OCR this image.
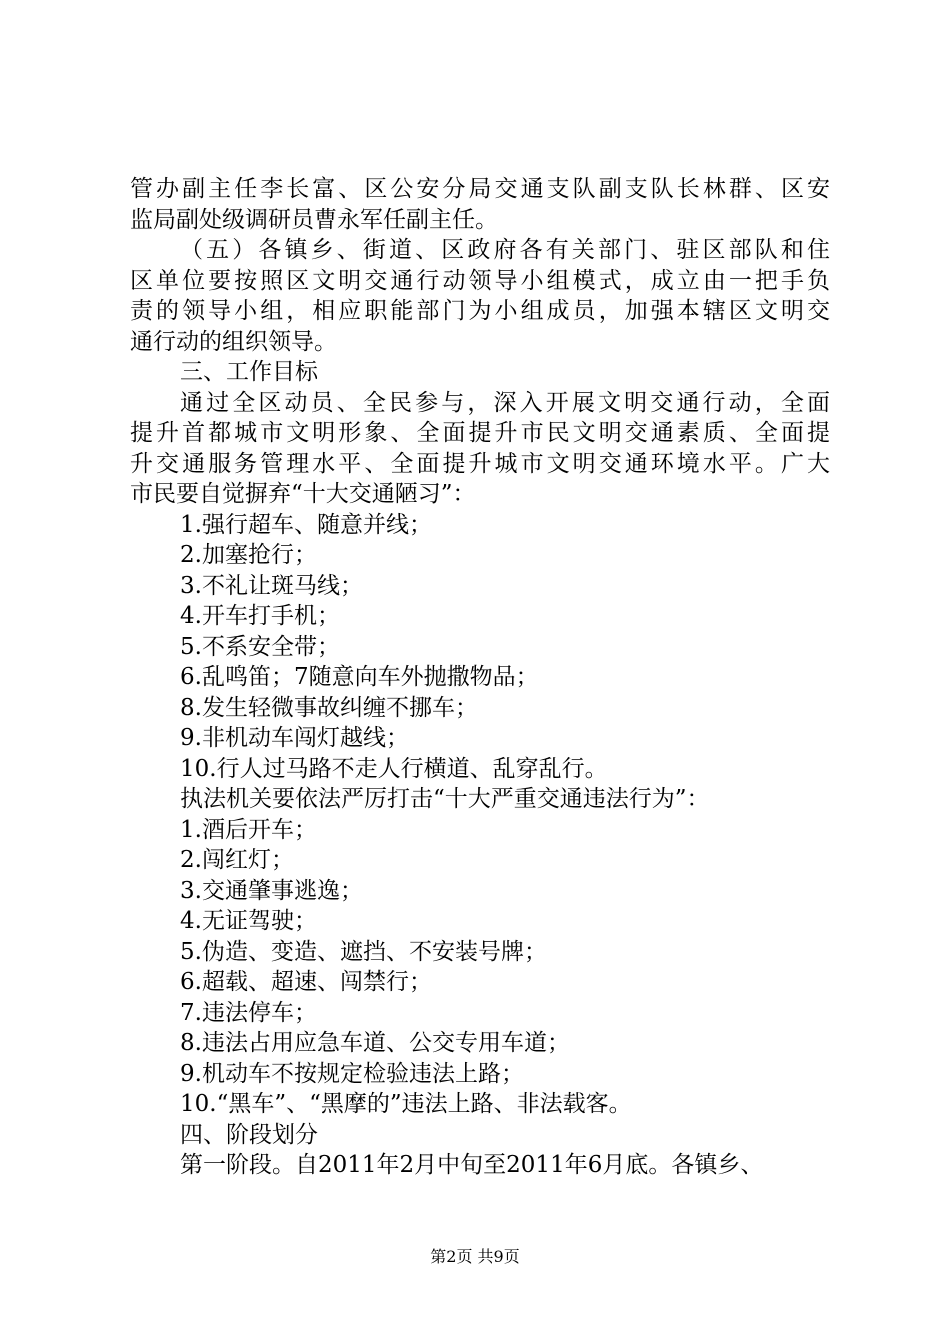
管办副主任李长富、区公安分局交通支队副支队长林群、区安
监局副处级调研员曹永军任副主任。
（五）各镇乡、街道、区政府各有关部门、驻区部队和住
区单位要按照区文明交通行动领导小组模式，成立由一把手负
责的领导小组，相应职能部门为小组成员，加强本辖区文明交
通行动的组织领导。
三、工作目标
通过全区动员、全民参与，深入开展文明交通行动，全面
提升首都城市文明形象、全面提升市民文明交通素质、全面提
升交通服务管理水平、全面提升城市文明交通环境水平。广大
市民要自觉摒弃“十大交通陋习”：
1.强行超车、随意并线；
2.加塞抢行；
3.不礼让斑马线；
4.开车打手机；
5.不系安全带；
6.乱鸣笛；7随意向车外抛撒物品；
8.发生轻微事故纠缠不挪车；
9.非机动车闯灯越线；
10.行人过马路不走人行横道、乱穿乱行。
执法机关要依法严厉打击“十大严重交通违法行为”：
1.酒后开车；
2.闯红灯；
3.交通肇事逃逸；
4.无证驾驶；
5.伪造、变造、遮挡、不安装号牌；
6.超载、超速、闯禁行；
7.违法停车；
8.违法占用应急车道、公交专用车道；
9.机动车不按规定检验违法上路；
10.“黑车”、“黑摩的”违法上路、非法载客。
四、阶段划分
第一阶段。自2011年2月中旬至2011年6月底。各镇乡、
第2页 共9页
